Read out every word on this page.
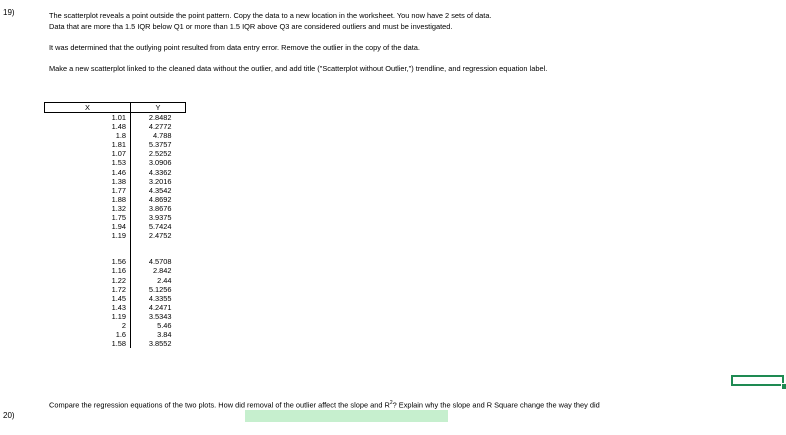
19)	The scatterplot reveals a point outside the point pattern. Copy the data to a new location in the worksheet. You now have 2 sets of data.
Data that are more tha 1.5 IQR below Q1 or more than 1.5 IQR above Q3 are considered outliers and must be investigated.
It was determined that the outlying point resulted from data entry error. Remove the outlier in the copy of the data.
Make a new scatterplot linked to the cleaned data without the outlier, and add title ("Scatterplot without Outlier,") trendline, and regression equation label.
X	Y
1.01	2.8482
1.48	4.2772
1.8	4.788
1.81	5.3757
1.07	2.5252
1.53	3.0906
1.46	4.3362
1.38	3.2016
1.77	4.3542
1.88	4.8692
1.32	3.8676
1.75	3.9375
1.94	5.7424
1.19	2.4752

1.56	4.5708
1.16	2.842
1.22	2.44
1.72	5.1256
1.45	4.3355
1.43	4.2471
1.19	3.5343
2	5.46
1.6	3.84
1.58	3.8552
20)
Compare the regression equations of the two plots. How did removal of the outlier affect the slope and $R^2$? Explain why the slope and R Square change the way they did
